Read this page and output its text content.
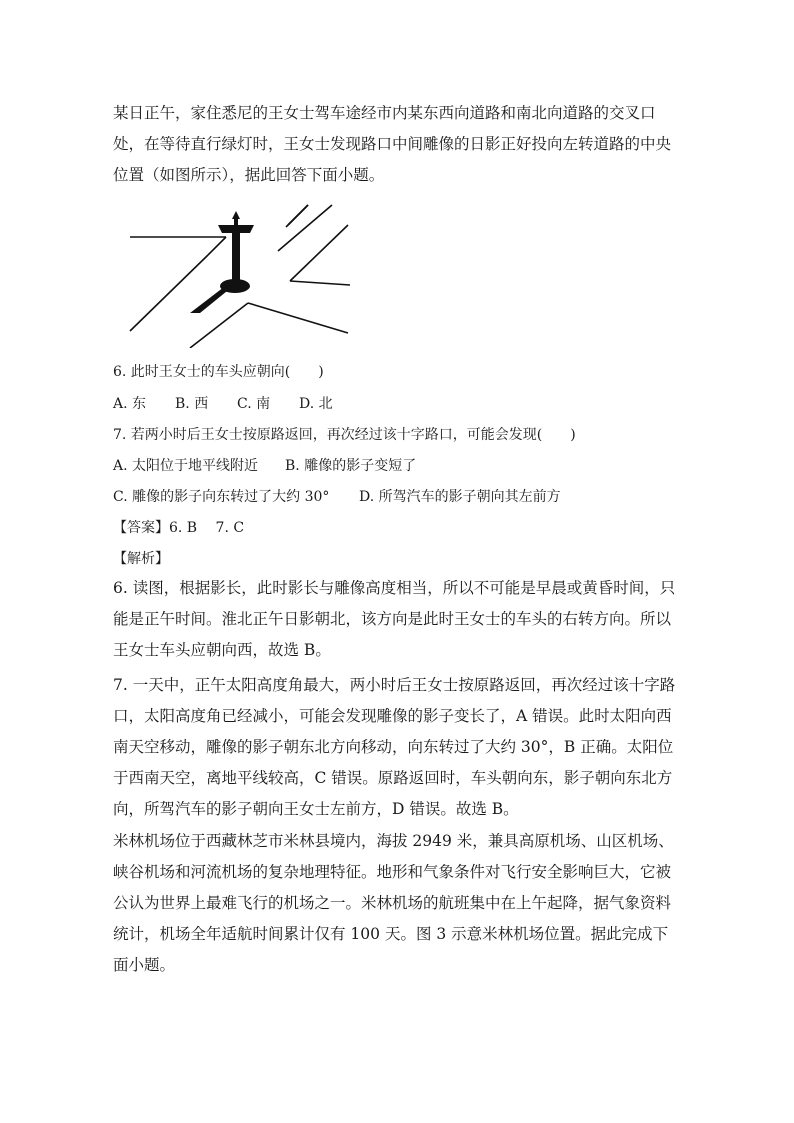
某日正午，家住悉尼的王女士驾车途经市内某东西向道路和南北向道路的交叉口处，在等待直行绿灯时，王女士发现路口中间雕像的日影正好投向左转道路的中央位置（如图所示），据此回答下面小题。

6. 此时王女士的车头应朝向(　　)

A. 东 B. 西 C. 南 D. 北

7. 若两小时后王女士按原路返回，再次经过该十字路口，可能会发现(　　)

A. 太阳位于地平线附近 B. 雕像的影子变短了

C. 雕像的影子向东转过了大约 30° D. 所驾汽车的影子朝向其左前方

【答案】6. B　 7. C

【解析】

6. 读图，根据影长，此时影长与雕像高度相当，所以不可能是早晨或黄昏时间，只能是正午时间。淮北正午日影朝北，该方向是此时王女士的车头的右转方向。所以王女士车头应朝向西，故选 B。

7. 一天中，正午太阳高度角最大，两小时后王女士按原路返回，再次经过该十字路口，太阳高度角已经减小，可能会发现雕像的影子变长了，A 错误。此时太阳向西南天空移动，雕像的影子朝东北方向移动，向东转过了大约 30°，B 正确。太阳位于西南天空，离地平线较高，C 错误。原路返回时，车头朝向东，影子朝向东北方向，所驾汽车的影子朝向王女士左前方，D 错误。故选 B。

米林机场位于西藏林芝市米林县境内，海拔 2949 米，兼具高原机场、山区机场、峡谷机场和河流机场的复杂地理特征。地形和气象条件对飞行安全影响巨大，它被公认为世界上最难飞行的机场之一。米林机场的航班集中在上午起降，据气象资料统计，机场全年适航时间累计仅有 100 天。图 3 示意米林机场位置。据此完成下面小题。
